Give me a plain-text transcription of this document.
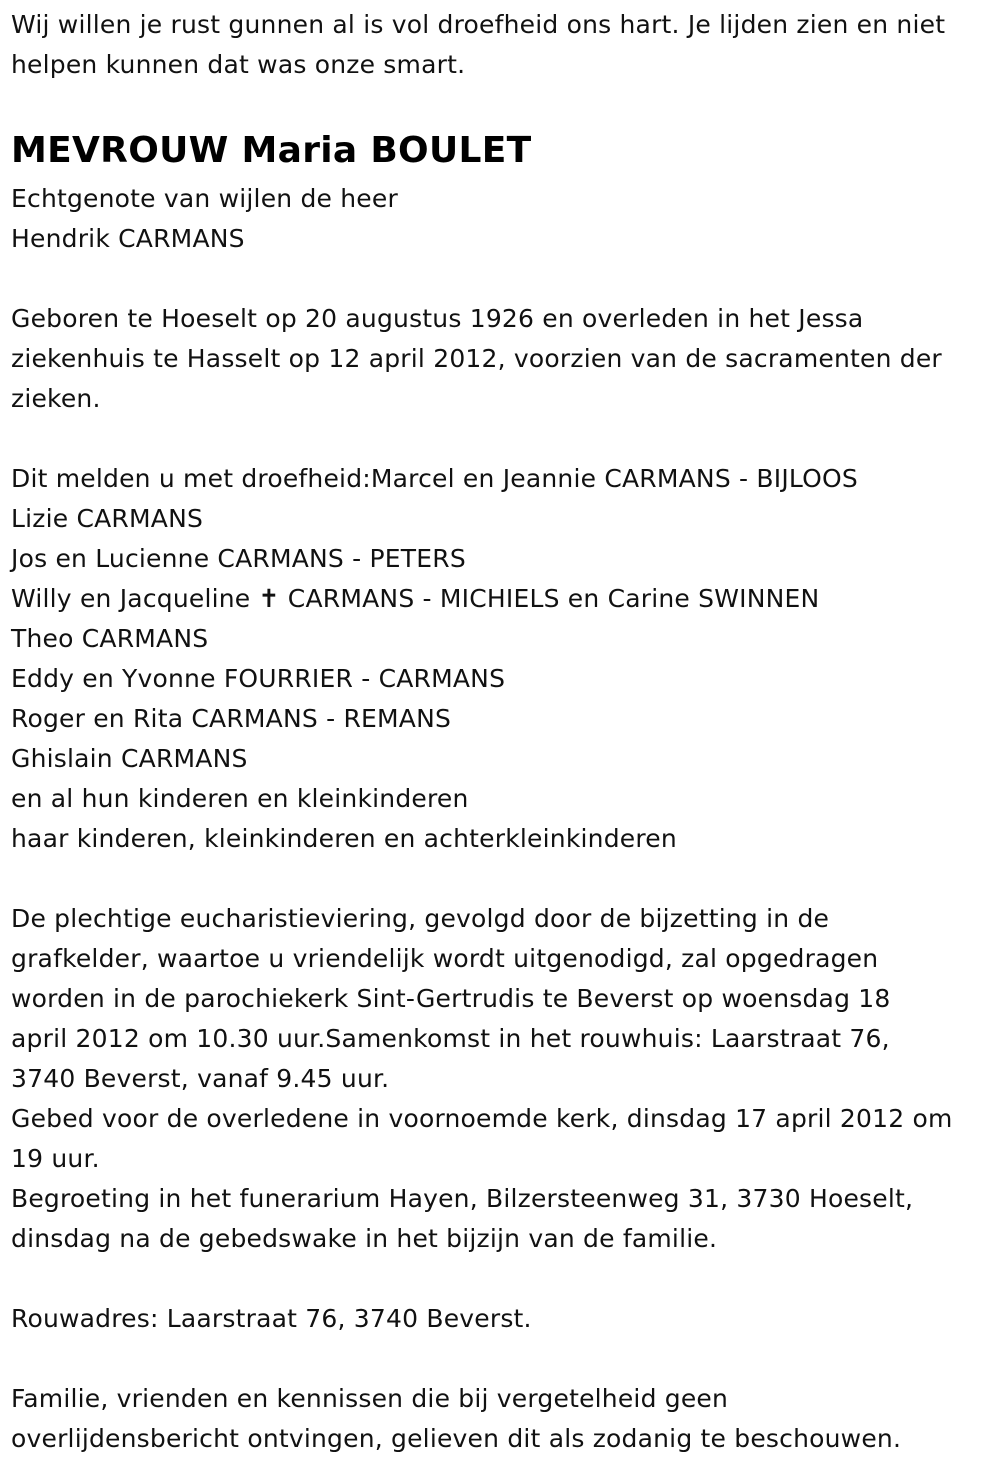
Wij willen je rust gunnen al is vol droefheid ons hart. Je lijden zien en niet
helpen kunnen dat was onze smart.
MEVROUW Maria BOULET
Echtgenote van wijlen de heer
Hendrik CARMANS
Geboren te Hoeselt op 20 augustus 1926 en overleden in het Jessa
ziekenhuis te Hasselt op 12 april 2012, voorzien van de sacramenten der
zieken.
Dit melden u met droefheid:Marcel en Jeannie CARMANS - BIJLOOS
Lizie CARMANS
Jos en Lucienne CARMANS - PETERS
Willy en Jacqueline ✝ CARMANS - MICHIELS en Carine SWINNEN
Theo CARMANS
Eddy en Yvonne FOURRIER - CARMANS
Roger en Rita CARMANS - REMANS
Ghislain CARMANS
en al hun kinderen en kleinkinderen
haar kinderen, kleinkinderen en achterkleinkinderen
De plechtige eucharistieviering, gevolgd door de bijzetting in de
grafkelder, waartoe u vriendelijk wordt uitgenodigd, zal opgedragen
worden in de parochiekerk Sint-Gertrudis te Beverst op woensdag 18
april 2012 om 10.30 uur.Samenkomst in het rouwhuis: Laarstraat 76,
3740 Beverst, vanaf 9.45 uur.
Gebed voor de overledene in voornoemde kerk, dinsdag 17 april 2012 om
19 uur.
Begroeting in het funerarium Hayen, Bilzersteenweg 31, 3730 Hoeselt,
dinsdag na de gebedswake in het bijzijn van de familie.
Rouwadres: Laarstraat 76, 3740 Beverst.
Familie, vrienden en kennissen die bij vergetelheid geen
overlijdensbericht ontvingen, gelieven dit als zodanig te beschouwen.
